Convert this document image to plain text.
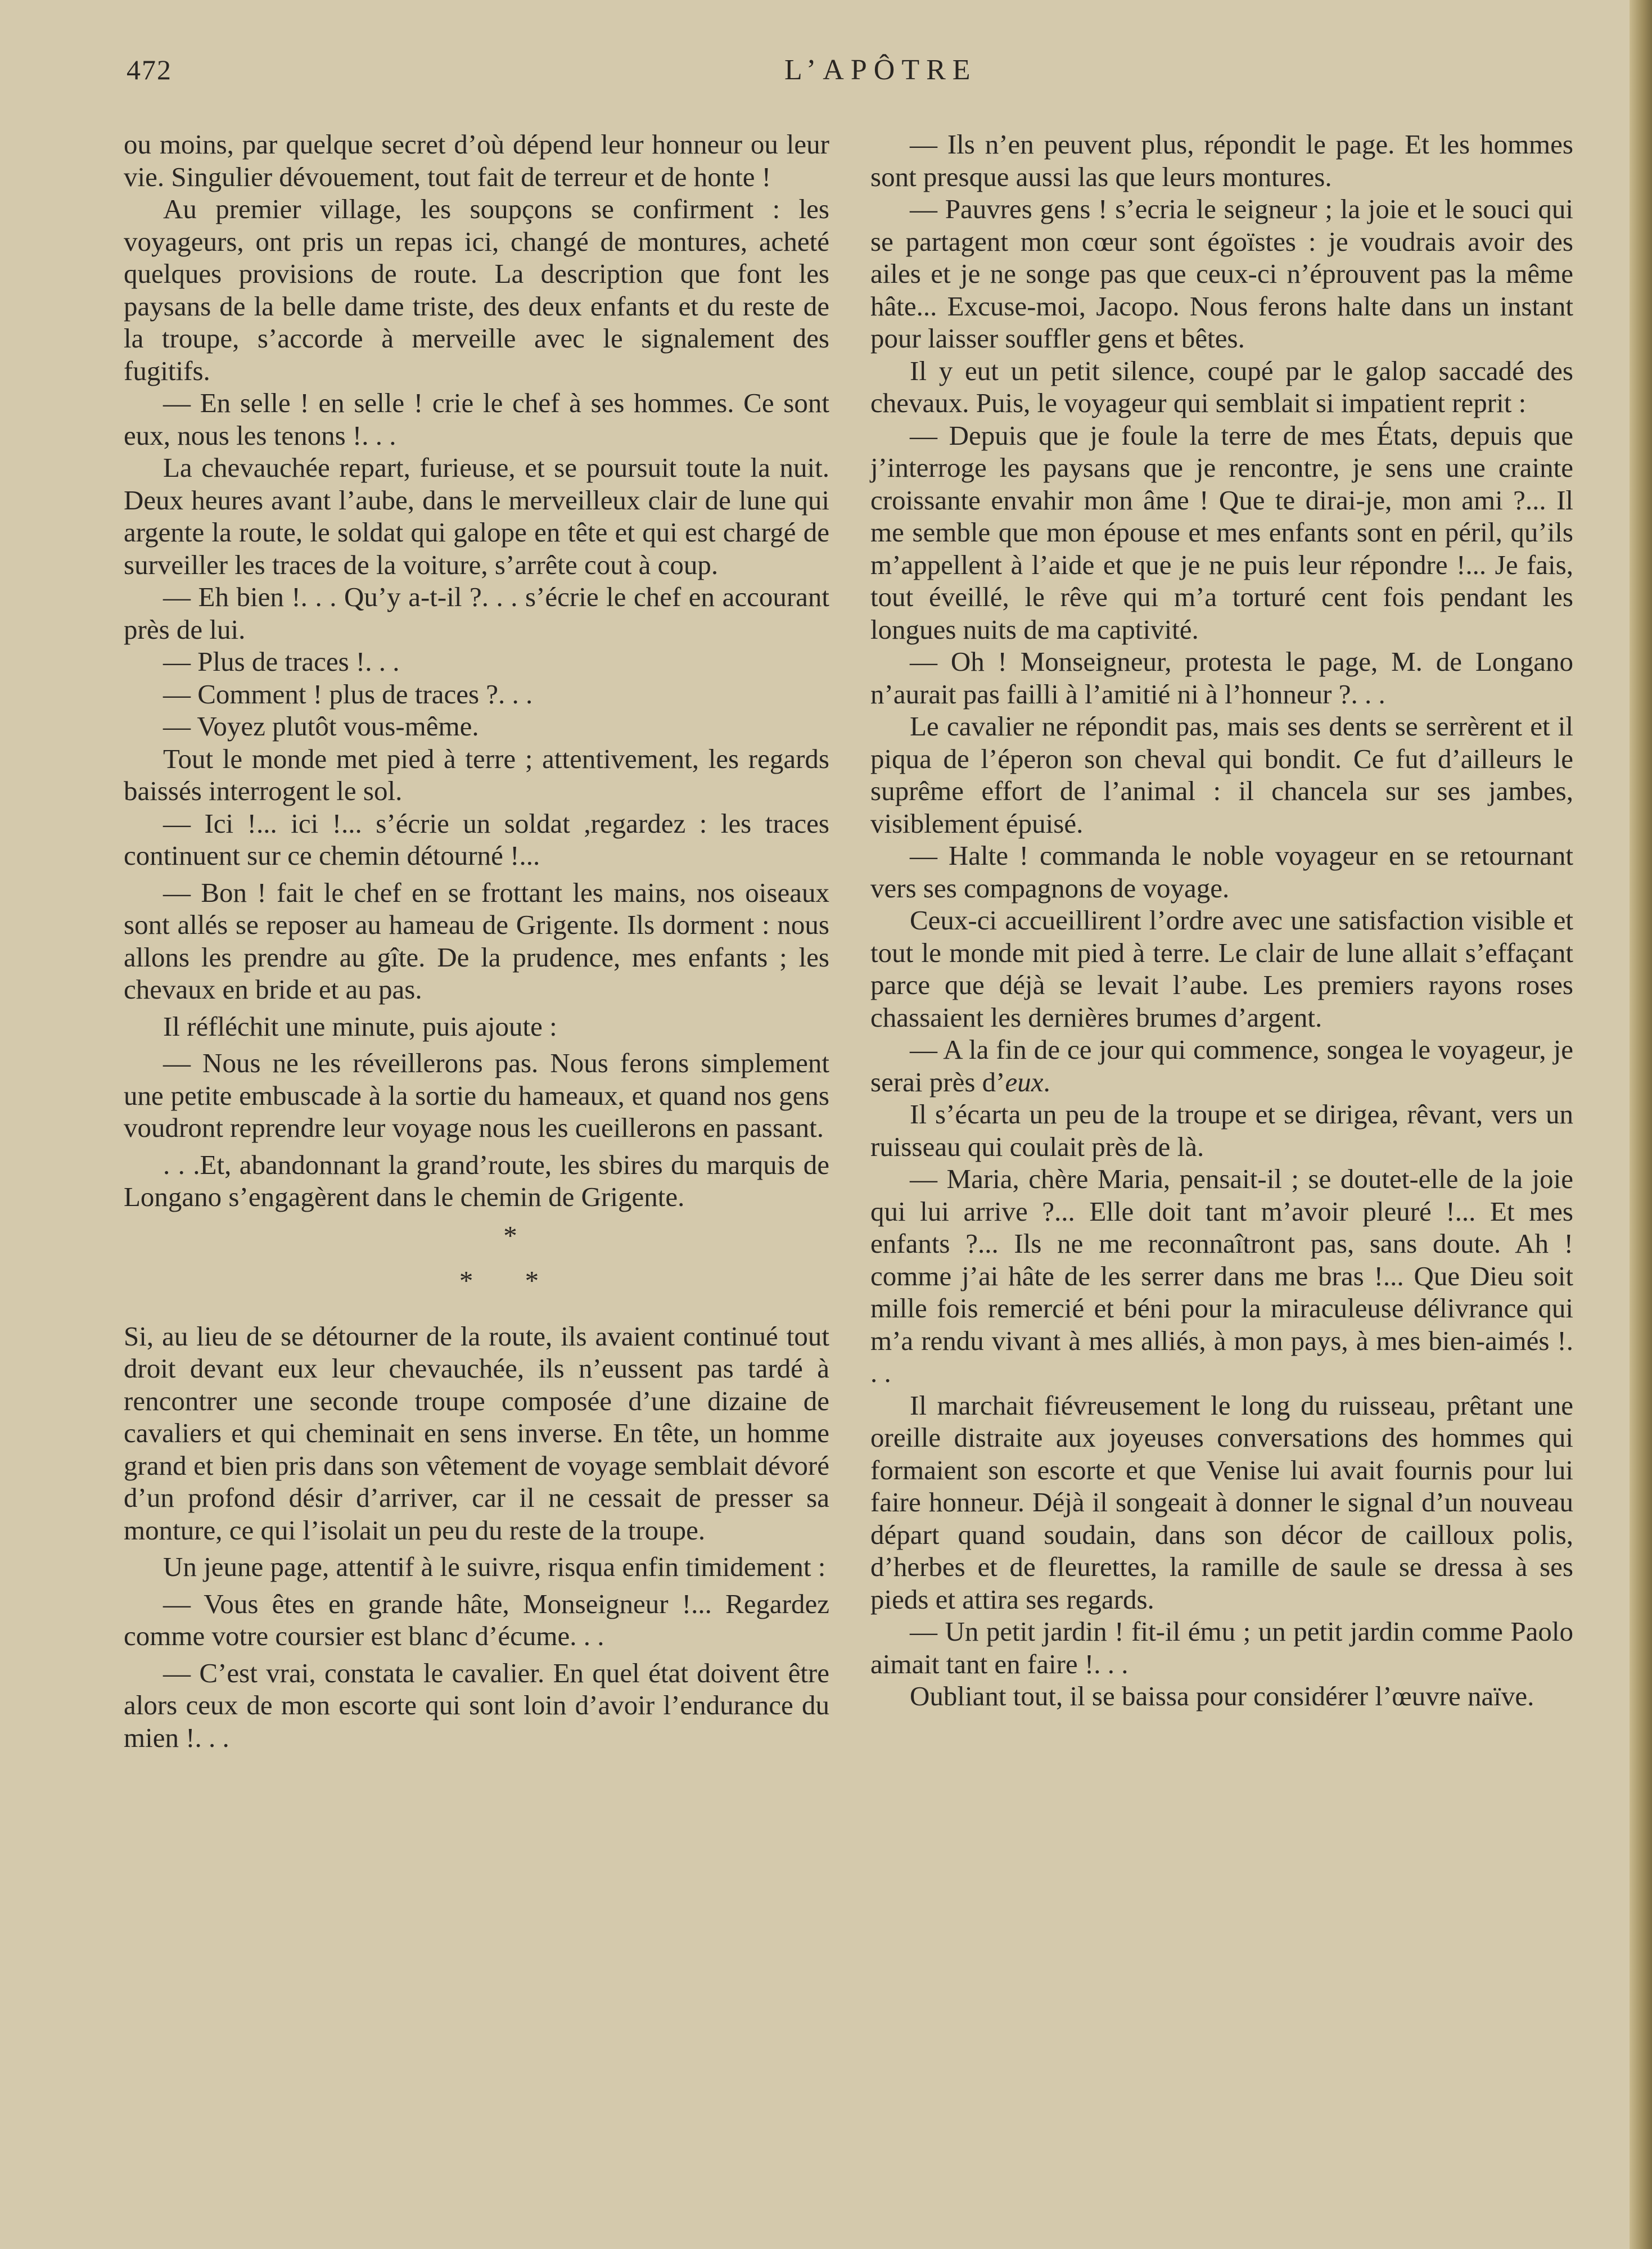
472	L’APÔTRE

ou moins, par quelque secret d’où dépend leur honneur ou leur vie. Singulier dévouement, tout fait de terreur et de honte !

Au premier village, les soupçons se confirment : les voyageurs, ont pris un repas ici, changé de montures, acheté quelques provisions de route. La description que font les paysans de la belle dame triste, des deux enfants et du reste de la troupe, s’accorde à merveille avec le signalement des fugitifs.

— En selle ! en selle ! crie le chef à ses hommes. Ce sont eux, nous les tenons !. . .

La chevauchée repart, furieuse, et se poursuit toute la nuit. Deux heures avant l’aube, dans le merveilleux clair de lune qui argente la route, le soldat qui galope en tête et qui est chargé de surveiller les traces de la voiture, s’arrête cout à coup.

— Eh bien !. . . Qu’y a-t-il ?. . . s’écrie le chef en accourant près de lui.

— Plus de traces !. . .

— Comment ! plus de traces ?. . .

— Voyez plutôt vous-même.

Tout le monde met pied à terre ; attentivement, les regards baissés interrogent le sol.

— Ici !... ici !... s’écrie un soldat ,regardez : les traces continuent sur ce chemin détourné !...

— Bon ! fait le chef en se frottant les mains, nos oiseaux sont allés se reposer au hameau de Grigente. Ils dorment : nous allons les prendre au gîte. De la prudence, mes enfants ; les chevaux en bride et au pas.

Il réfléchit une minute, puis ajoute :

— Nous ne les réveillerons pas. Nous ferons simplement une petite embuscade à la sortie du hameaux, et quand nos gens voudront reprendre leur voyage nous les cueillerons en passant.

. . .Et, abandonnant la grand’route, les sbires du marquis de Longano s’engagèrent dans le chemin de Grigente.

*
* *

Si, au lieu de se détourner de la route, ils avaient continué tout droit devant eux leur chevauchée, ils n’eussent pas tardé à rencontrer une seconde troupe composée d’une dizaine de cavaliers et qui cheminait en sens inverse. En tête, un homme grand et bien pris dans son vêtement de voyage semblait dévoré d’un profond désir d’arriver, car il ne cessait de presser sa monture, ce qui l’isolait un peu du reste de la troupe.

Un jeune page, attentif à le suivre, risqua enfin timidement :

— Vous êtes en grande hâte, Monseigneur !... Regardez comme votre coursier est blanc d’écume. . .

— C’est vrai, constata le cavalier. En quel état doivent être alors ceux de mon escorte qui sont loin d’avoir l’endurance du mien !. . .

— Ils n’en peuvent plus, répondit le page. Et les hommes sont presque aussi las que leurs montures.

— Pauvres gens ! s’ecria le seigneur ; la joie et le souci qui se partagent mon cœur sont égoïstes : je voudrais avoir des ailes et je ne songe pas que ceux-ci n’éprouvent pas la même hâte... Excuse-moi, Jacopo. Nous ferons halte dans un instant pour laisser souffler gens et bêtes.

Il y eut un petit silence, coupé par le galop saccadé des chevaux. Puis, le voyageur qui semblait si impatient reprit :

— Depuis que je foule la terre de mes États, depuis que j’interroge les paysans que je rencontre, je sens une crainte croissante envahir mon âme ! Que te dirai-je, mon ami ?... Il me semble que mon épouse et mes enfants sont en péril, qu’ils m’appellent à l’aide et que je ne puis leur répondre !... Je fais, tout éveillé, le rêve qui m’a torturé cent fois pendant les longues nuits de ma captivité.

— Oh ! Monseigneur, protesta le page, M. de Longano n’aurait pas failli à l’amitié ni à l’honneur ?. . .

Le cavalier ne répondit pas, mais ses dents se serrèrent et il piqua de l’éperon son cheval qui bondit. Ce fut d’ailleurs le suprême effort de l’animal : il chancela sur ses jambes, visiblement épuisé.

— Halte ! commanda le noble voyageur en se retournant vers ses compagnons de voyage.

Ceux-ci accueillirent l’ordre avec une satisfaction visible et tout le monde mit pied à terre. Le clair de lune allait s’effaçant parce que déjà se levait l’aube. Les premiers rayons roses chassaient les dernières brumes d’argent.

— A la fin de ce jour qui commence, songea le voyageur, je serai près d’eux.

Il s’écarta un peu de la troupe et se dirigea, rêvant, vers un ruisseau qui coulait près de là.

— Maria, chère Maria, pensait-il ; se doutet-elle de la joie qui lui arrive ?... Elle doit tant m’avoir pleuré !... Et mes enfants ?... Ils ne me reconnaîtront pas, sans doute. Ah ! comme j’ai hâte de les serrer dans me bras !... Que Dieu soit mille fois remercié et béni pour la miraculeuse délivrance qui m’a rendu vivant à mes alliés, à mon pays, à mes bien-aimés !. . .

Il marchait fiévreusement le long du ruisseau, prêtant une oreille distraite aux joyeuses conversations des hommes qui formaient son escorte et que Venise lui avait fournis pour lui faire honneur. Déjà il songeait à donner le signal d’un nouveau départ quand soudain, dans son décor de cailloux polis, d’herbes et de fleurettes, la ramille de saule se dressa à ses pieds et attira ses regards.

— Un petit jardin ! fit-il ému ; un petit jardin comme Paolo aimait tant en faire !. . .

Oubliant tout, il se baissa pour considérer l’œuvre naïve.
